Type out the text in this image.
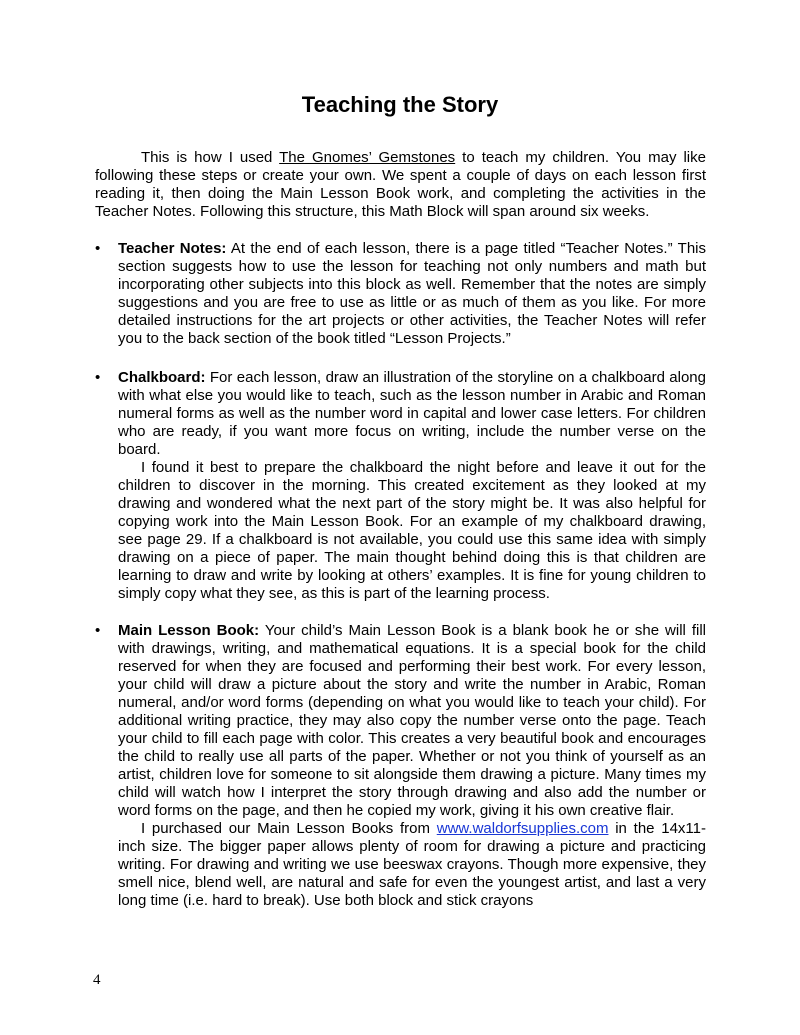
Teaching the Story

This is how I used The Gnomes’ Gemstones to teach my children. You may like following these steps or create your own. We spent a couple of days on each lesson first reading it, then doing the Main Lesson Book work, and completing the activities in the Teacher Notes. Following this structure, this Math Block will span around six weeks.

•	Teacher Notes: At the end of each lesson, there is a page titled “Teacher Notes.” This section suggests how to use the lesson for teaching not only numbers and math but incorporating other subjects into this block as well. Remember that the notes are simply suggestions and you are free to use as little or as much of them as you like. For more detailed instructions for the art projects or other activities, the Teacher Notes will refer you to the back section of the book titled “Lesson Projects.”

•	Chalkboard: For each lesson, draw an illustration of the storyline on a chalkboard along with what else you would like to teach, such as the lesson number in Arabic and Roman numeral forms as well as the number word in capital and lower case letters. For children who are ready, if you want more focus on writing, include the number verse on the board.

I found it best to prepare the chalkboard the night before and leave it out for the children to discover in the morning. This created excitement as they looked at my drawing and wondered what the next part of the story might be. It was also helpful for copying work into the Main Lesson Book. For an example of my chalkboard drawing, see page 29. If a chalkboard is not available, you could use this same idea with simply drawing on a piece of paper. The main thought behind doing this is that children are learning to draw and write by looking at others’ examples. It is fine for young children to simply copy what they see, as this is part of the learning process.

•	Main Lesson Book: Your child’s Main Lesson Book is a blank book he or she will fill with drawings, writing, and mathematical equations. It is a special book for the child reserved for when they are focused and performing their best work. For every lesson, your child will draw a picture about the story and write the number in Arabic, Roman numeral, and/or word forms (depending on what you would like to teach your child). For additional writing practice, they may also copy the number verse onto the page. Teach your child to fill each page with color. This creates a very beautiful book and encourages the child to really use all parts of the paper. Whether or not you think of yourself as an artist, children love for someone to sit alongside them drawing a picture. Many times my child will watch how I interpret the story through drawing and also add the number or word forms on the page, and then he copied my work, giving it his own creative flair.

I purchased our Main Lesson Books from www.waldorfsupplies.com in the 14x11-inch size. The bigger paper allows plenty of room for drawing a picture and practicing writing. For drawing and writing we use beeswax crayons. Though more expensive, they smell nice, blend well, are natural and safe for even the youngest artist, and last a very long time (i.e. hard to break). Use both block and stick crayons

4
